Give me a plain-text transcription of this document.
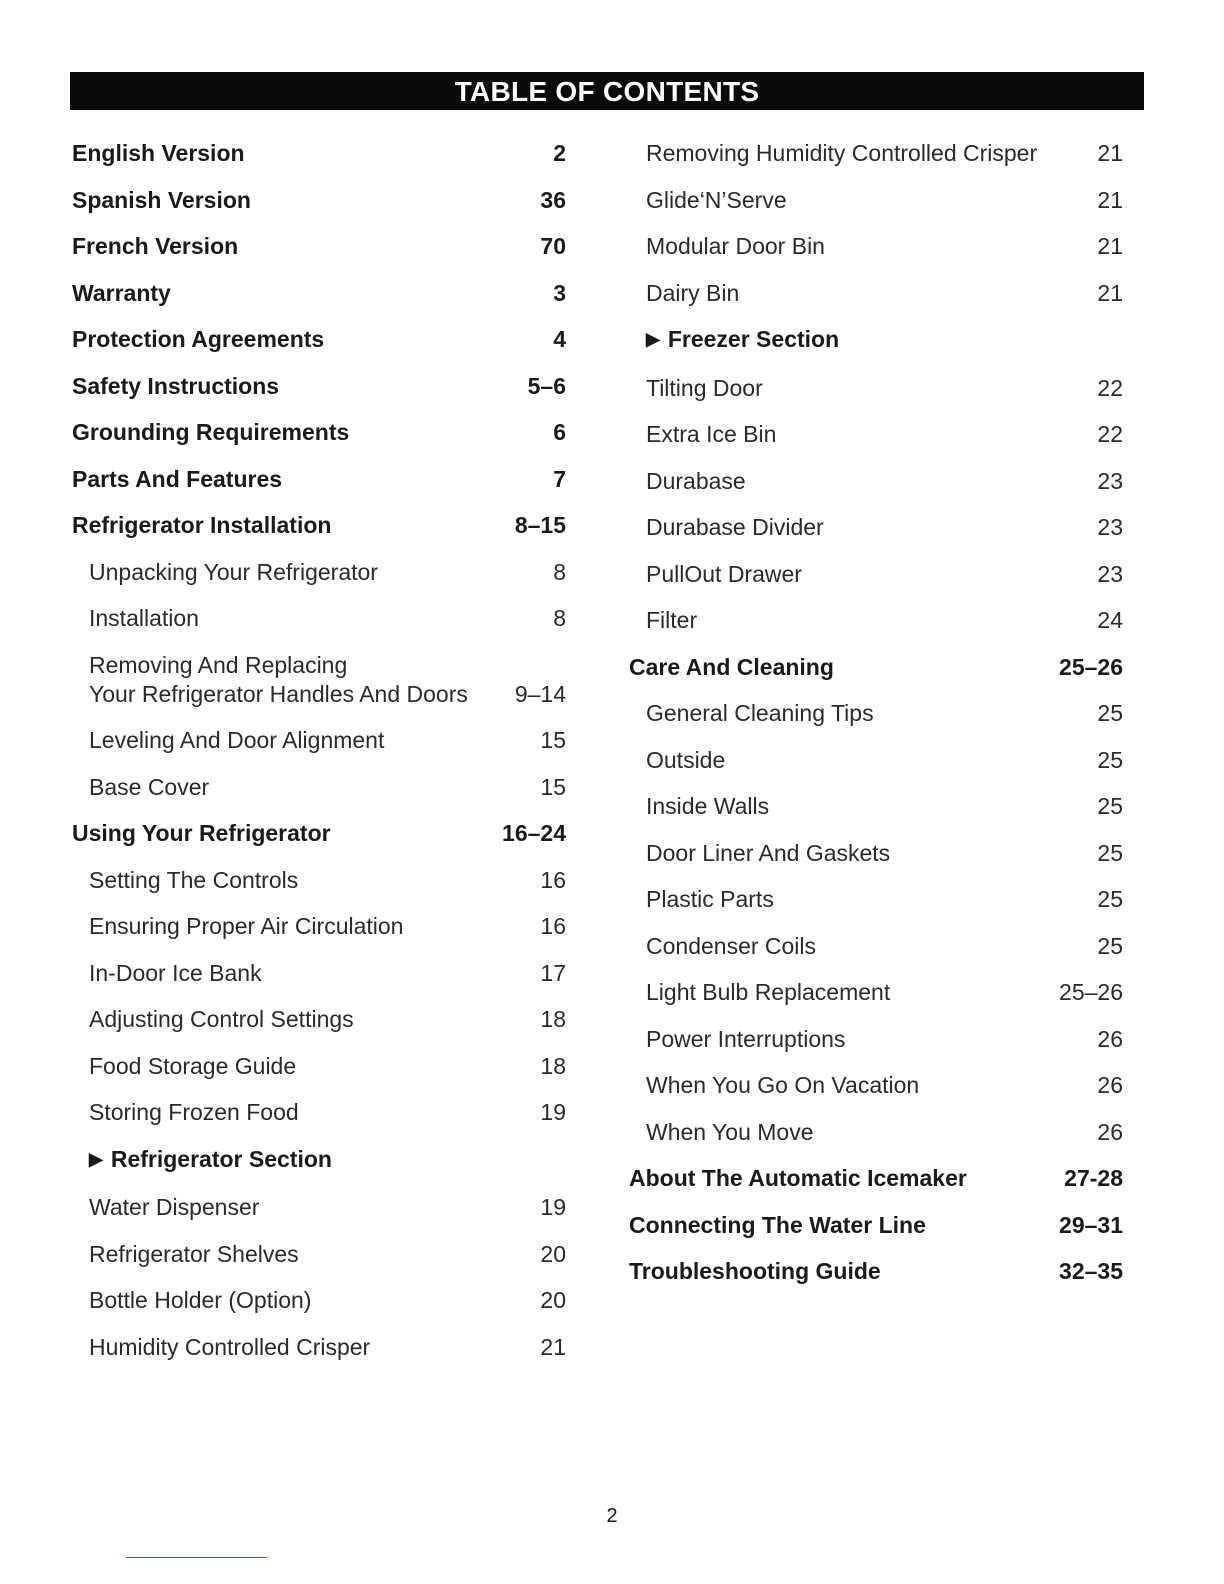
TABLE OF CONTENTS
English Version	2
Spanish Version	36
French Version	70
Warranty	3
Protection Agreements	4
Safety Instructions	5–6
Grounding Requirements	6
Parts And Features	7
Refrigerator Installation	8–15
Unpacking Your Refrigerator	8
Installation	8
Removing And Replacing
Your Refrigerator Handles And Doors 9–14
Leveling And Door Alignment	15
Base Cover	15
Using Your Refrigerator	16–24
Setting The Controls	16
Ensuring Proper Air Circulation	16
In-Door Ice Bank	17
Adjusting Control Settings	18
Food Storage Guide	18
Storing Frozen Food	19
▶ Refrigerator Section
Water Dispenser	19
Refrigerator Shelves	20
Bottle Holder (Option)	20
Humidity Controlled Crisper	21
Removing Humidity Controlled Crisper	21
Glide‘N’Serve	21
Modular Door Bin	21
Dairy Bin	21
▶ Freezer Section
Tilting Door	22
Extra Ice Bin	22
Durabase	23
Durabase Divider	23
PullOut Drawer	23
Filter	24
Care And Cleaning	25–26
General Cleaning Tips	25
Outside	25
Inside Walls	25
Door Liner And Gaskets	25
Plastic Parts	25
Condenser Coils	25
Light Bulb Replacement	25–26
Power Interruptions	26
When You Go On Vacation	26
When You Move	26
About The Automatic Icemaker	27-28
Connecting The Water Line	29–31
Troubleshooting Guide	32–35
2
